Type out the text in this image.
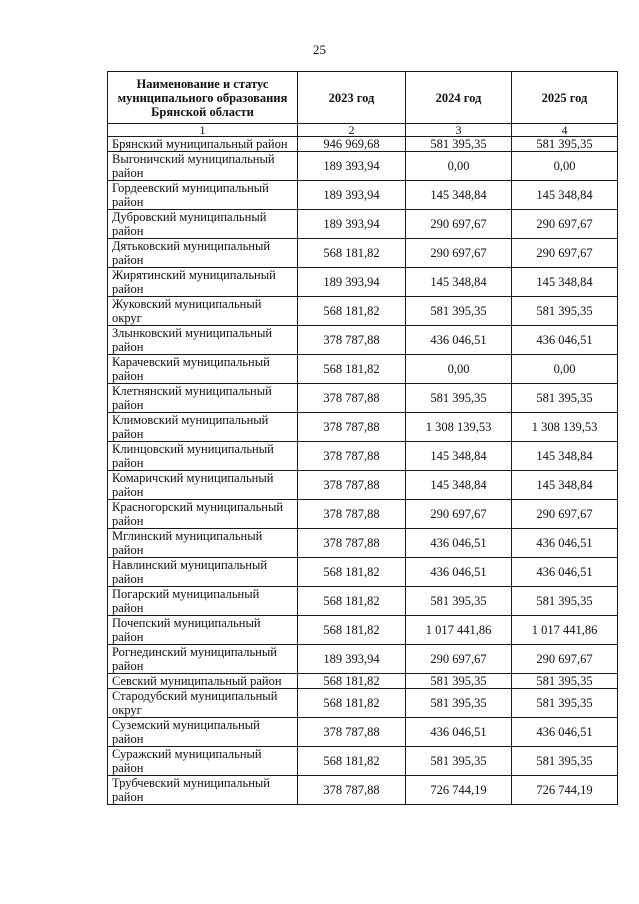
25
Наименование и статус муниципального образования Брянской области	2023 год	2024 год	2025 год
1	2	3	4
Брянский муниципальный район	946 969,68	581 395,35	581 395,35
Выгоничский муниципальный район	189 393,94	0,00	0,00
Гордеевский муниципальный район	189 393,94	145 348,84	145 348,84
Дубровский муниципальный район	189 393,94	290 697,67	290 697,67
Дятьковский муниципальный район	568 181,82	290 697,67	290 697,67
Жирятинский муниципальный район	189 393,94	145 348,84	145 348,84
Жуковский муниципальный округ	568 181,82	581 395,35	581 395,35
Злынковский муниципальный район	378 787,88	436 046,51	436 046,51
Карачевский муниципальный район	568 181,82	0,00	0,00
Клетнянский муниципальный район	378 787,88	581 395,35	581 395,35
Климовский муниципальный район	378 787,88	1 308 139,53	1 308 139,53
Клинцовский муниципальный район	378 787,88	145 348,84	145 348,84
Комаричский муниципальный район	378 787,88	145 348,84	145 348,84
Красногорский муниципальный район	378 787,88	290 697,67	290 697,67
Мглинский муниципальный район	378 787,88	436 046,51	436 046,51
Навлинский муниципальный район	568 181,82	436 046,51	436 046,51
Погарский муниципальный район	568 181,82	581 395,35	581 395,35
Почепский муниципальный район	568 181,82	1 017 441,86	1 017 441,86
Рогнединский муниципальный район	189 393,94	290 697,67	290 697,67
Севский муниципальный район	568 181,82	581 395,35	581 395,35
Стародубский муниципальный округ	568 181,82	581 395,35	581 395,35
Суземский муниципальный район	378 787,88	436 046,51	436 046,51
Суражский муниципальный район	568 181,82	581 395,35	581 395,35
Трубчевский муниципальный район	378 787,88	726 744,19	726 744,19
